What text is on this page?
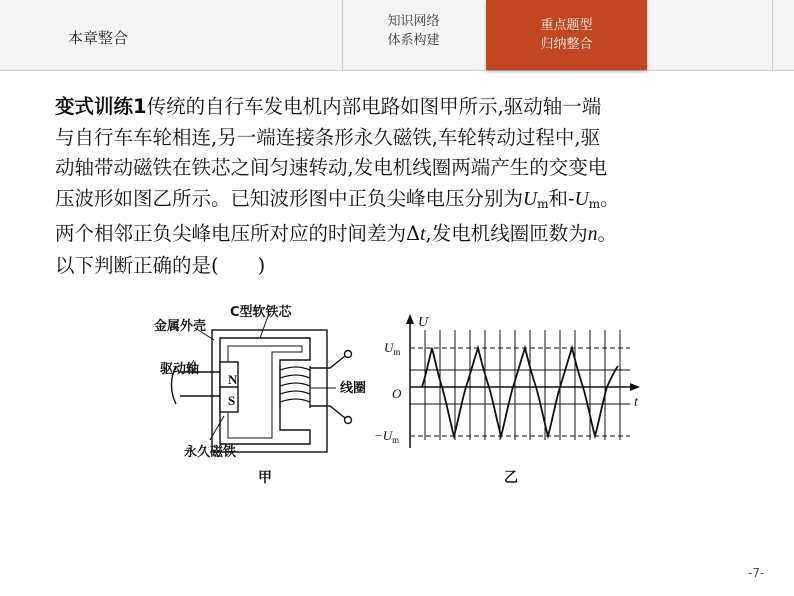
本章整合
知识网络
体系构建
重点题型
归纳整合
变式训练1传统的自行车发电机内部电路如图甲所示,驱动轴一端
与自行车车轮相连,另一端连接条形永久磁铁,车轮转动过程中,驱
动轴带动磁铁在铁芯之间匀速转动,发电机线圈两端产生的交变电
压波形如图乙所示。已知波形图中正负尖峰电压分别为$U_m$和$-U_m$。
两个相邻正负尖峰电压所对应的时间差为Δt,发电机线圈匝数为n。
以下判断正确的是(　　)
N
S
金属外壳
C型软铁芯
驱动轴
线圈
永久磁铁
甲
U
t
O
$U_m$
$-U_m$
乙
-7-
